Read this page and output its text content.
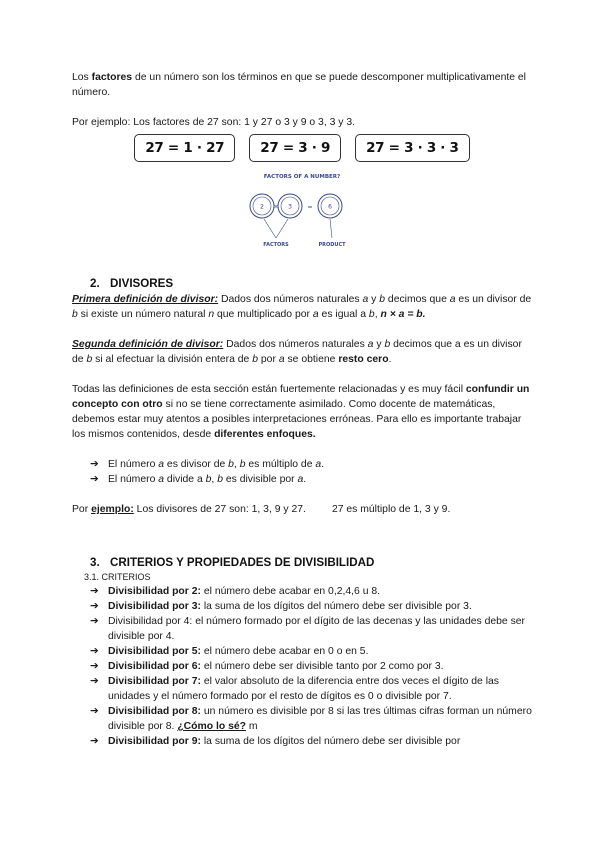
Los factores de un número son los términos en que se puede descomponer multiplicativamente el número.

Por ejemplo: Los factores de 27 son: 1 y 27 o 3 y 9 o 3, 3 y 3.

27 = 1 · 27	27 = 3 · 9	27 = 3 · 3 · 3
FACTORS OF A NUMBER?
2 × 3	=	6
FACTORS	PRODUCT
2. DIVISORES

Primera definición de divisor: Dados dos números naturales a y b decimos que a es un divisor de b si existe un número natural n que multiplicado por a es igual a b, n × a = b.

Segunda definición de divisor: Dados dos números naturales a y b decimos que a es un divisor de b si al efectuar la división entera de b por a se obtiene resto cero.

Todas las definiciones de esta sección están fuertemente relacionadas y es muy fácil confundir un concepto con otro si no se tiene correctamente asimilado. Como docente de matemáticas, debemos estar muy atentos a posibles interpretaciones erróneas. Para ello es importante trabajar los mismos contenidos, desde diferentes enfoques.

➔ El número a es divisor de b, b es múltiplo de a.
➔ El número a divide a b, b es divisible por a.

Por ejemplo: Los divisores de 27 son: 1, 3, 9 y 27.	27 es múltiplo de 1, 3 y 9.

3. CRITERIOS Y PROPIEDADES DE DIVISIBILIDAD

3.1. CRITERIOS

➔ Divisibilidad por 2: el número debe acabar en 0,2,4,6 u 8.
➔ Divisibilidad por 3: la suma de los dígitos del número debe ser divisible por 3.
➔ Divisibilidad por 4: el número formado por el dígito de las decenas y las unidades debe ser divisible por 4.
➔ Divisibilidad por 5: el número debe acabar en 0 o en 5.
➔ Divisibilidad por 6: el número debe ser divisible tanto por 2 como por 3.
➔ Divisibilidad por 7: el valor absoluto de la diferencia entre dos veces el dígito de las unidades y el número formado por el resto de dígitos es 0 o divisible por 7.
➔ Divisibilidad por 8: un número es divisible por 8 si las tres últimas cifras forman un número divisible por 8. ¿Cómo lo sé? m
➔ Divisibilidad por 9: la suma de los dígitos del número debe ser divisible por
